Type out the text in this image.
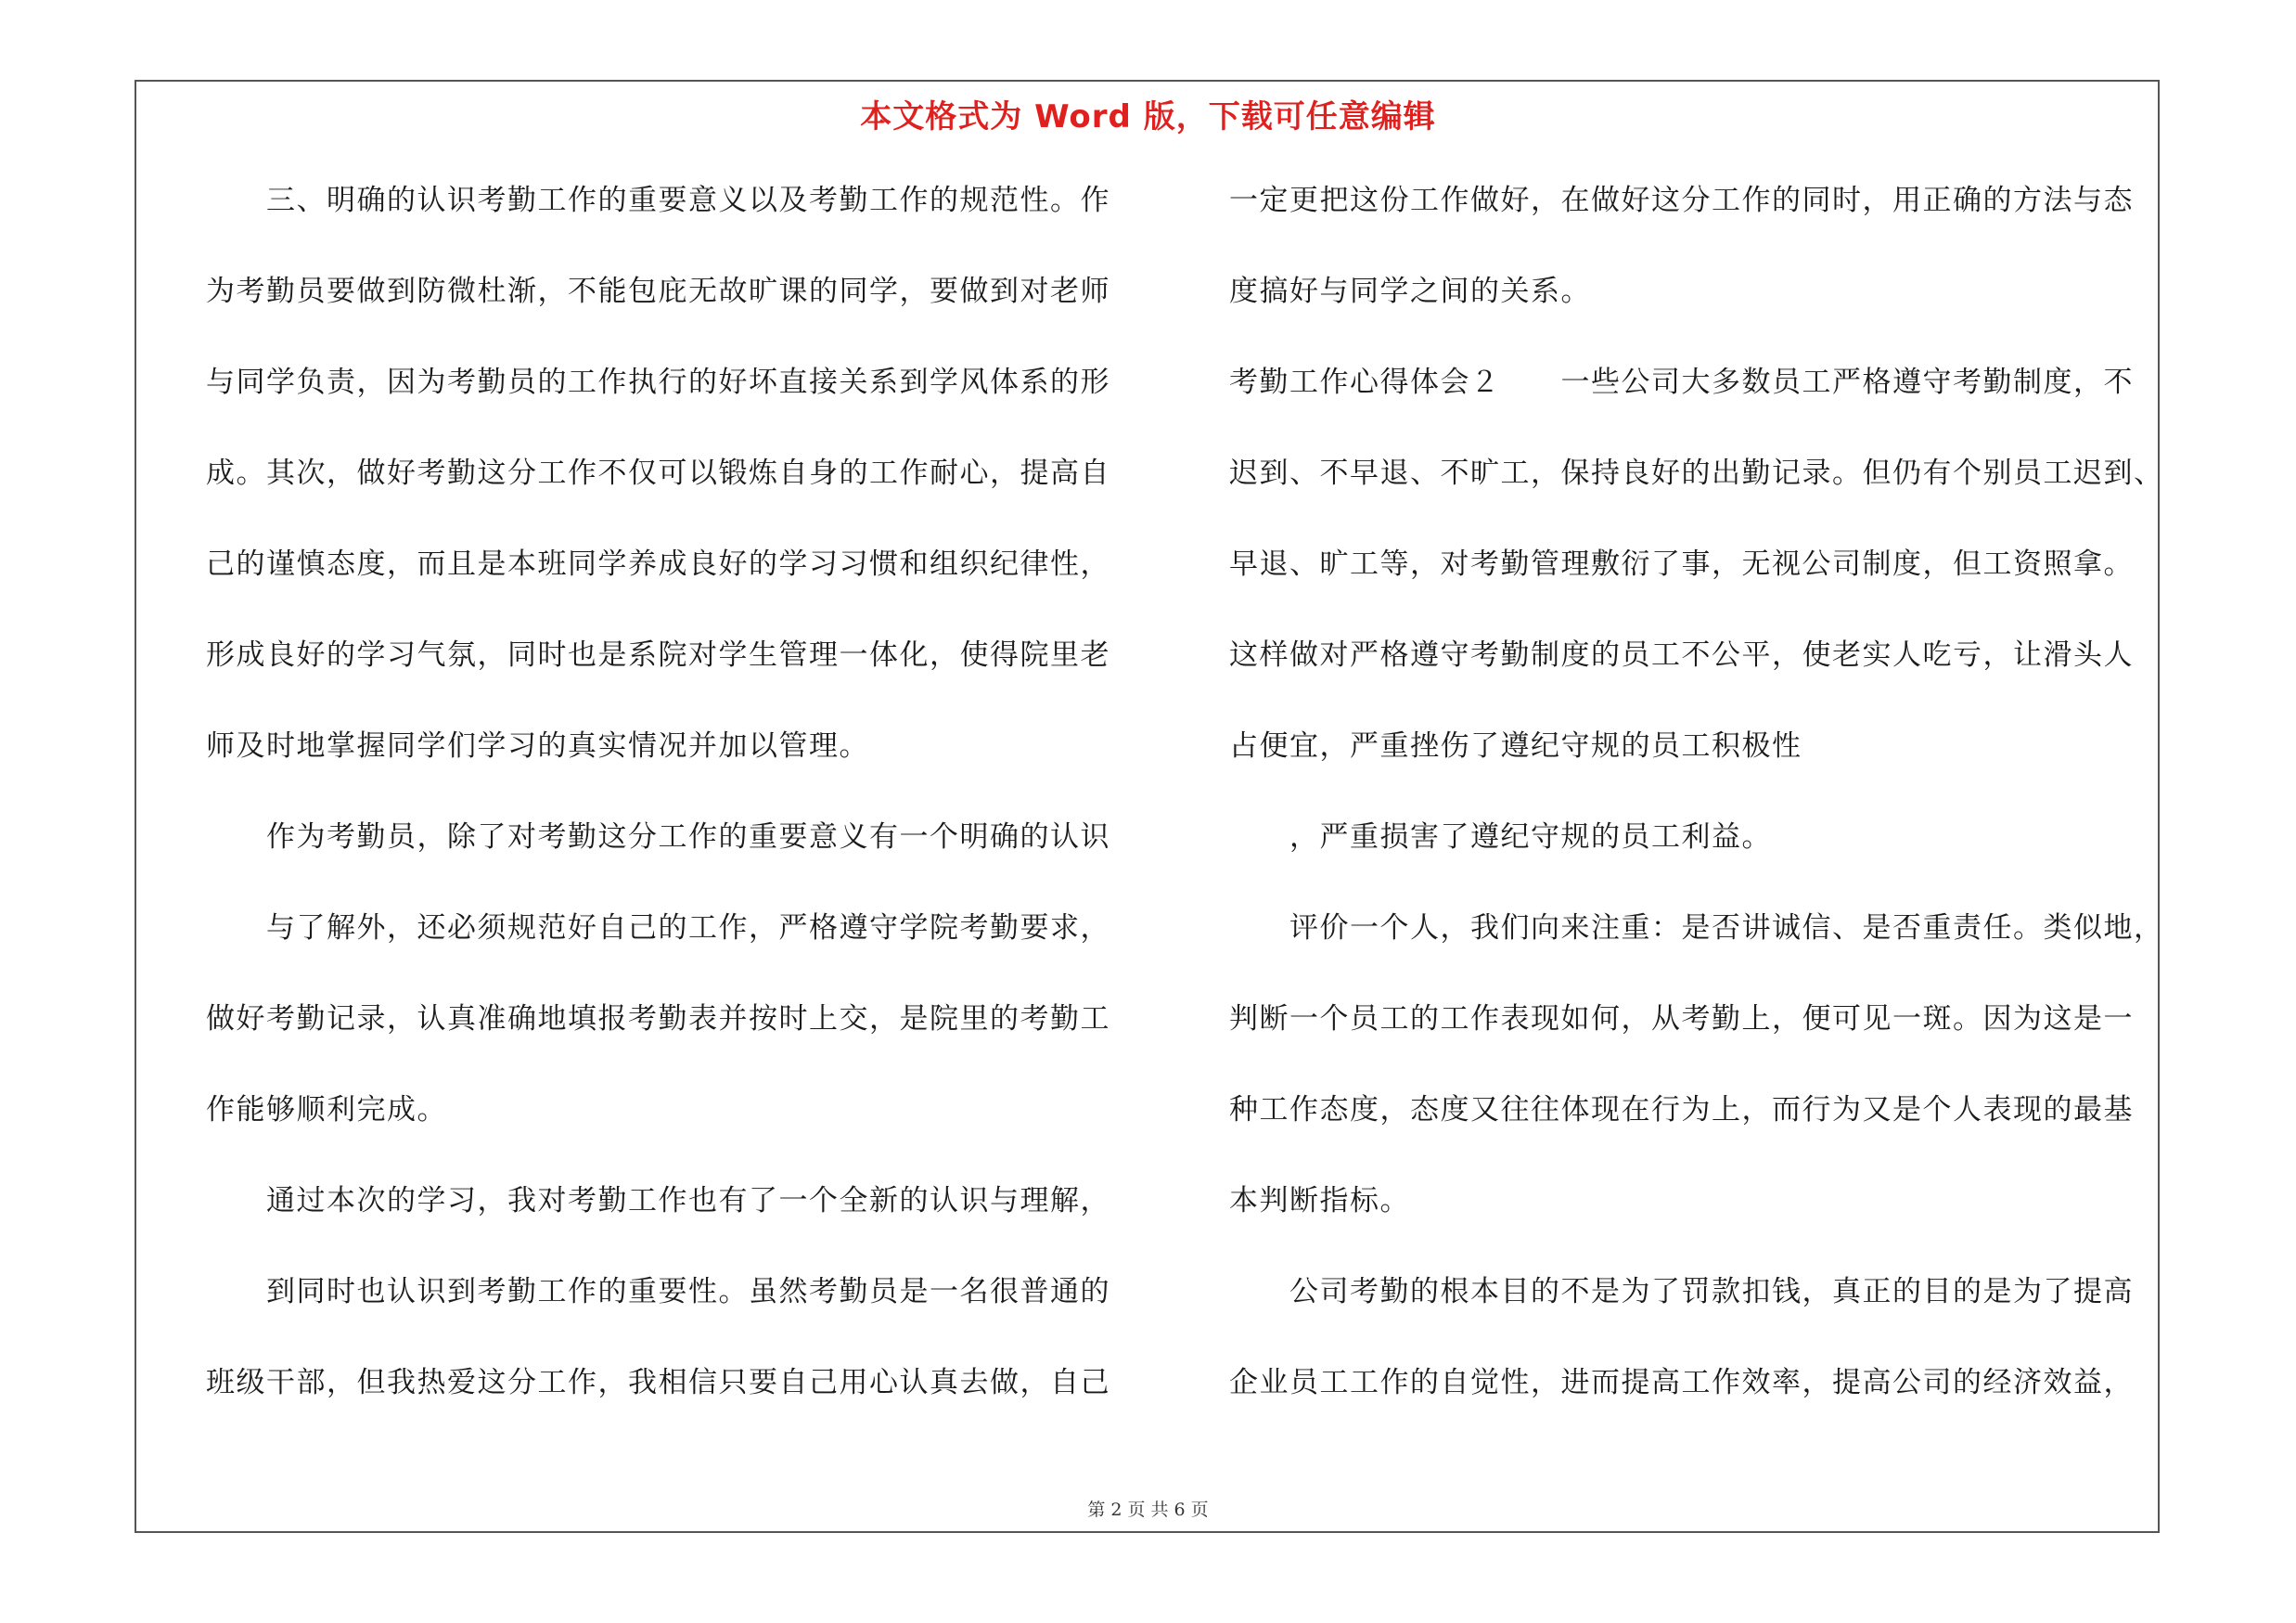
本文格式为 Word 版，下载可任意编辑
　　三、明确的认识考勤工作的重要意义以及考勤工作的规范性。作
为考勤员要做到防微杜渐，不能包庇无故旷课的同学，要做到对老师
与同学负责，因为考勤员的工作执行的好坏直接关系到学风体系的形
成。其次，做好考勤这分工作不仅可以锻炼自身的工作耐心，提高自
己的谨慎态度，而且是本班同学养成良好的学习习惯和组织纪律性，
形成良好的学习气氛，同时也是系院对学生管理一体化，使得院里老
师及时地掌握同学们学习的真实情况并加以管理。
　　作为考勤员，除了对考勤这分工作的重要意义有一个明确的认识
　　与了解外，还必须规范好自己的工作，严格遵守学院考勤要求，
做好考勤记录，认真准确地填报考勤表并按时上交，是院里的考勤工
作能够顺利完成。
　　通过本次的学习，我对考勤工作也有了一个全新的认识与理解，
　　到同时也认识到考勤工作的重要性。虽然考勤员是一名很普通的
班级干部，但我热爱这分工作，我相信只要自己用心认真去做，自己
一定更把这份工作做好，在做好这分工作的同时，用正确的方法与态
度搞好与同学之间的关系。
考勤工作心得体会２　　一些公司大多数员工严格遵守考勤制度，不
迟到、不早退、不旷工，保持良好的出勤记录。但仍有个别员工迟到、
早退、旷工等，对考勤管理敷衍了事，无视公司制度，但工资照拿。
这样做对严格遵守考勤制度的员工不公平，使老实人吃亏，让滑头人
占便宜，严重挫伤了遵纪守规的员工积极性
　　，严重损害了遵纪守规的员工利益。
　　评价一个人，我们向来注重：是否讲诚信、是否重责任。类似地，
判断一个员工的工作表现如何，从考勤上，便可见一斑。因为这是一
种工作态度，态度又往往体现在行为上，而行为又是个人表现的最基
本判断指标。
　　公司考勤的根本目的不是为了罚款扣钱，真正的目的是为了提高
企业员工工作的自觉性，进而提高工作效率，提高公司的经济效益，
第 2 页 共 6 页
